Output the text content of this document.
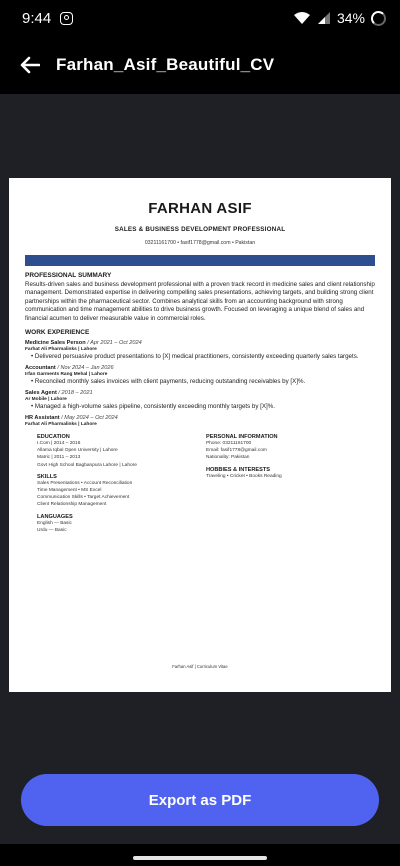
9:44	34%
Farhan_Asif_Beautiful_CV
FARHAN ASIF
SALES & BUSINESS DEVELOPMENT PROFESSIONAL
03211161700 • fasif1778@gmail.com • Pakistan
PROFESSIONAL SUMMARY
Results-driven sales and business development professional with a proven track record in medicine sales and client relationship management. Demonstrated expertise in delivering compelling sales presentations, achieving targets, and building strong client partnerships within the pharmaceutical sector. Combines analytical skills from an accounting background with strong communication and time management abilities to drive business growth. Focused on leveraging a unique blend of sales and financial acumen to deliver measurable value in commercial roles.
WORK EXPERIENCE
Medicine Sales Person / Apr 2021 – Oct 2024
Farhat Ali Pharmalinks | Lahore
• Delivered persuasive product presentations to [X] medical practitioners, consistently exceeding quarterly sales targets.
Accountant / Nov 2024 – Jan 2026
Irfan Garments Rang Mehal | Lahore
• Reconciled monthly sales invoices with client payments, reducing outstanding receivables by [X]%.
Sales Agent / 2018 – 2021
Ar Mobile | Lahore
• Managed a high-volume sales pipeline, consistently exceeding monthly targets by [X]%.
HR Assistant / May 2024 – Oct 2024
Farhat Ali Pharmalinks | Lahore
EDUCATION
I.Com | 2014 – 2016
Allama Iqbal Open University | Lahore
Matric | 2011 – 2013
Govt High School Bagbanpura Lahore | Lahore
SKILLS
Sales Presentations • Account Reconciliation
Time Management • MS Excel
Communication Skills • Target Achievement
Client Relationship Management
LANGUAGES
English — Basic
Urdu — Basic
PERSONAL INFORMATION
Phone: 03211161700
Email: fasif1778@gmail.com
Nationality: Pakistan
HOBBIES & INTERESTS
Traveling • Cricket • Books Reading
Farhan Asif | Curriculum Vitae
Export as PDF
